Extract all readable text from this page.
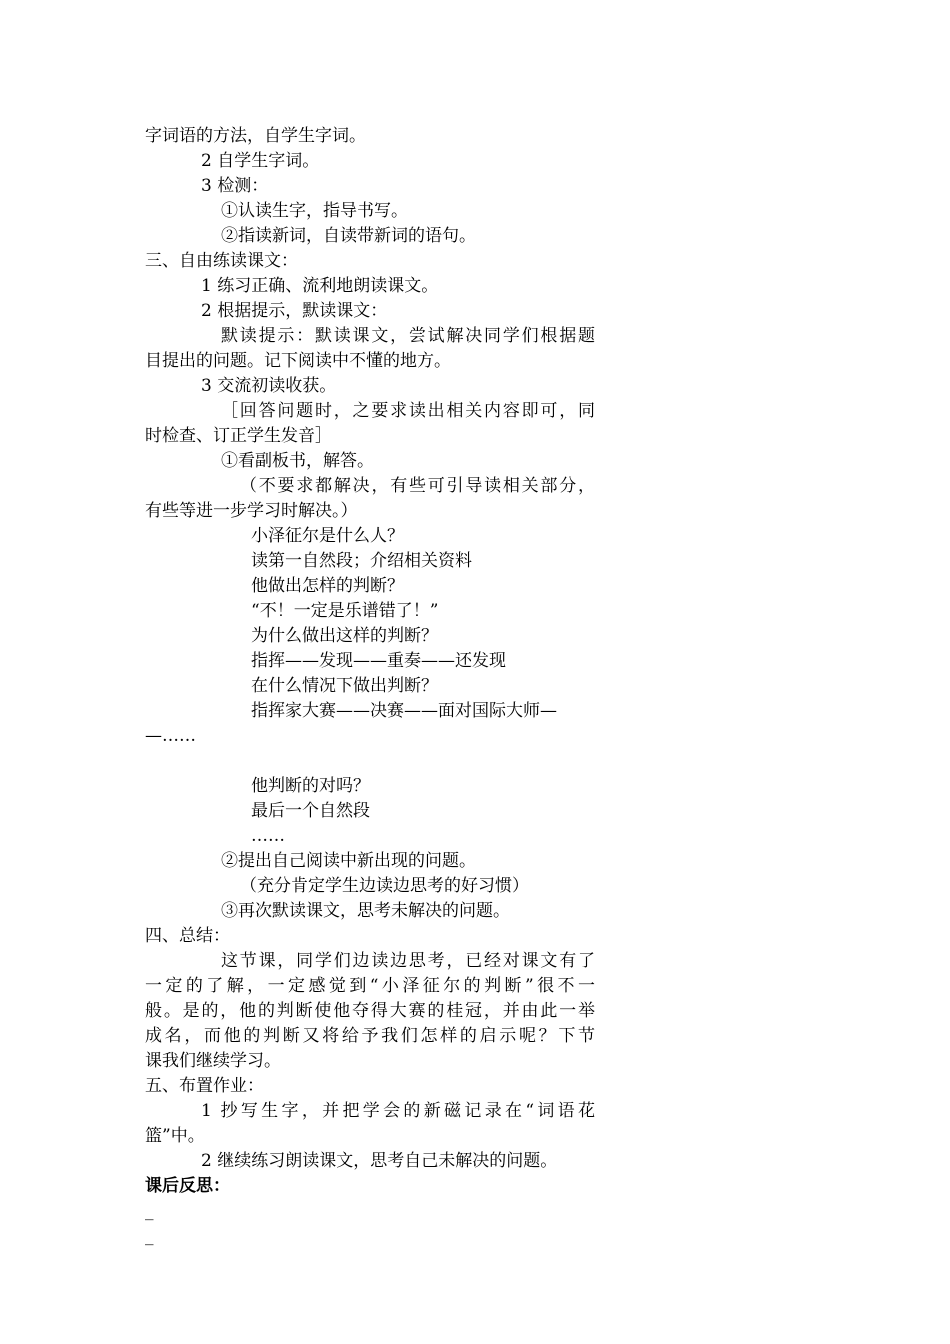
字词语的方法，自学生字词。
2 自学生字词。
3 检测：
①认读生字，指导书写。
②指读新词，自读带新词的语句。
三、自由练读课文：
1 练习正确、流利地朗读课文。
2 根据提示，默读课文：
默读提示：默读课文，尝试解决同学们根据题
目提出的问题。记下阅读中不懂的地方。
3 交流初读收获。
［回答问题时，之要求读出相关内容即可，同
时检查、订正学生发音］
①看副板书，解答。
（不要求都解决，有些可引导读相关部分，
有些等进一步学习时解决。）
小泽征尔是什么人？
读第一自然段；介绍相关资料
他做出怎样的判断？
“不！一定是乐谱错了！”
为什么做出这样的判断？
指挥——发现——重奏——还发现
在什么情况下做出判断？
指挥家大赛——决赛——面对国际大师—
—……
他判断的对吗？
最后一个自然段
……
②提出自己阅读中新出现的问题。
（充分肯定学生边读边思考的好习惯）
③再次默读课文，思考未解决的问题。
四、总结：
这节课，同学们边读边思考，已经对课文有了
一定的了解，一定感觉到“小泽征尔的判断”很不一
般。是的，他的判断使他夺得大赛的桂冠，并由此一举
成名，而他的判断又将给予我们怎样的启示呢？下节
课我们继续学习。
五、布置作业：
1 抄写生字，并把学会的新磁记录在“词语花
篮”中。
2 继续练习朗读课文，思考自己未解决的问题。
课后反思：
_
_
